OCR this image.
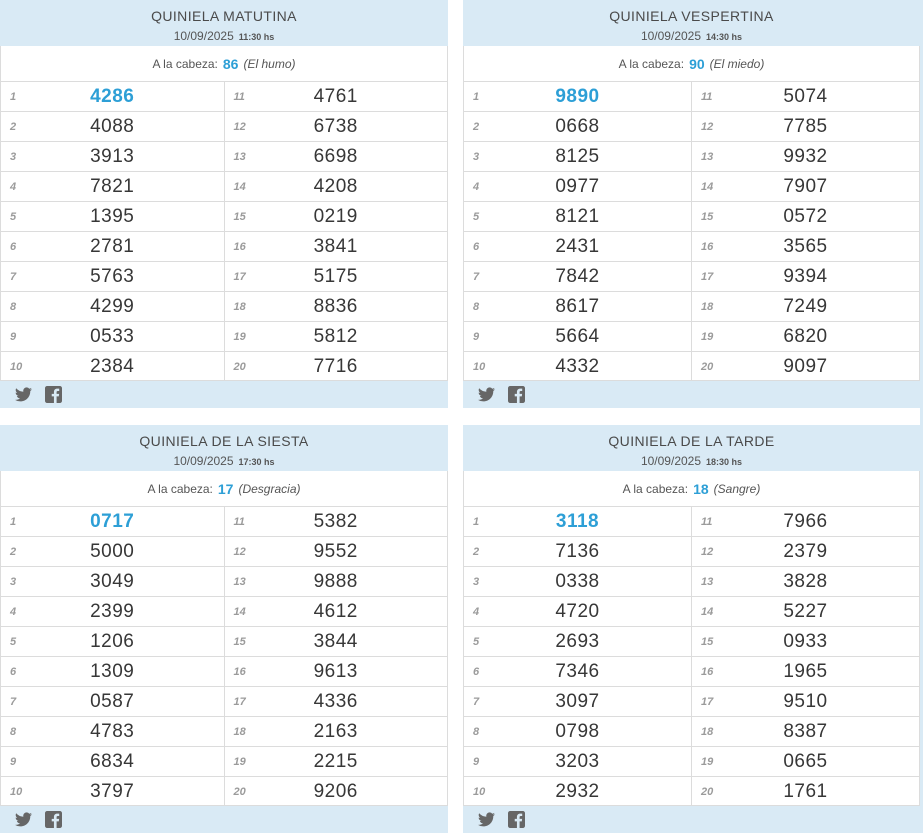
QUINIELA MATUTINA
10/09/2025 11:30 hs
A la cabeza: 86 (El humo)
1	4286	11	4761
2	4088	12	6738
3	3913	13	6698
4	7821	14	4208
5	1395	15	0219
6	2781	16	3841
7	5763	17	5175
8	4299	18	8836
9	0533	19	5812
10	2384	20	7716
QUINIELA VESPERTINA
10/09/2025 14:30 hs
A la cabeza: 90 (El miedo)
1	9890	11	5074
2	0668	12	7785
3	8125	13	9932
4	0977	14	7907
5	8121	15	0572
6	2431	16	3565
7	7842	17	9394
8	8617	18	7249
9	5664	19	6820
10	4332	20	9097
QUINIELA DE LA SIESTA
10/09/2025 17:30 hs
A la cabeza: 17 (Desgracia)
1	0717	11	5382
2	5000	12	9552
3	3049	13	9888
4	2399	14	4612
5	1206	15	3844
6	1309	16	9613
7	0587	17	4336
8	4783	18	2163
9	6834	19	2215
10	3797	20	9206
QUINIELA DE LA TARDE
10/09/2025 18:30 hs
A la cabeza: 18 (Sangre)
1	3118	11	7966
2	7136	12	2379
3	0338	13	3828
4	4720	14	5227
5	2693	15	0933
6	7346	16	1965
7	3097	17	9510
8	0798	18	8387
9	3203	19	0665
10	2932	20	1761
